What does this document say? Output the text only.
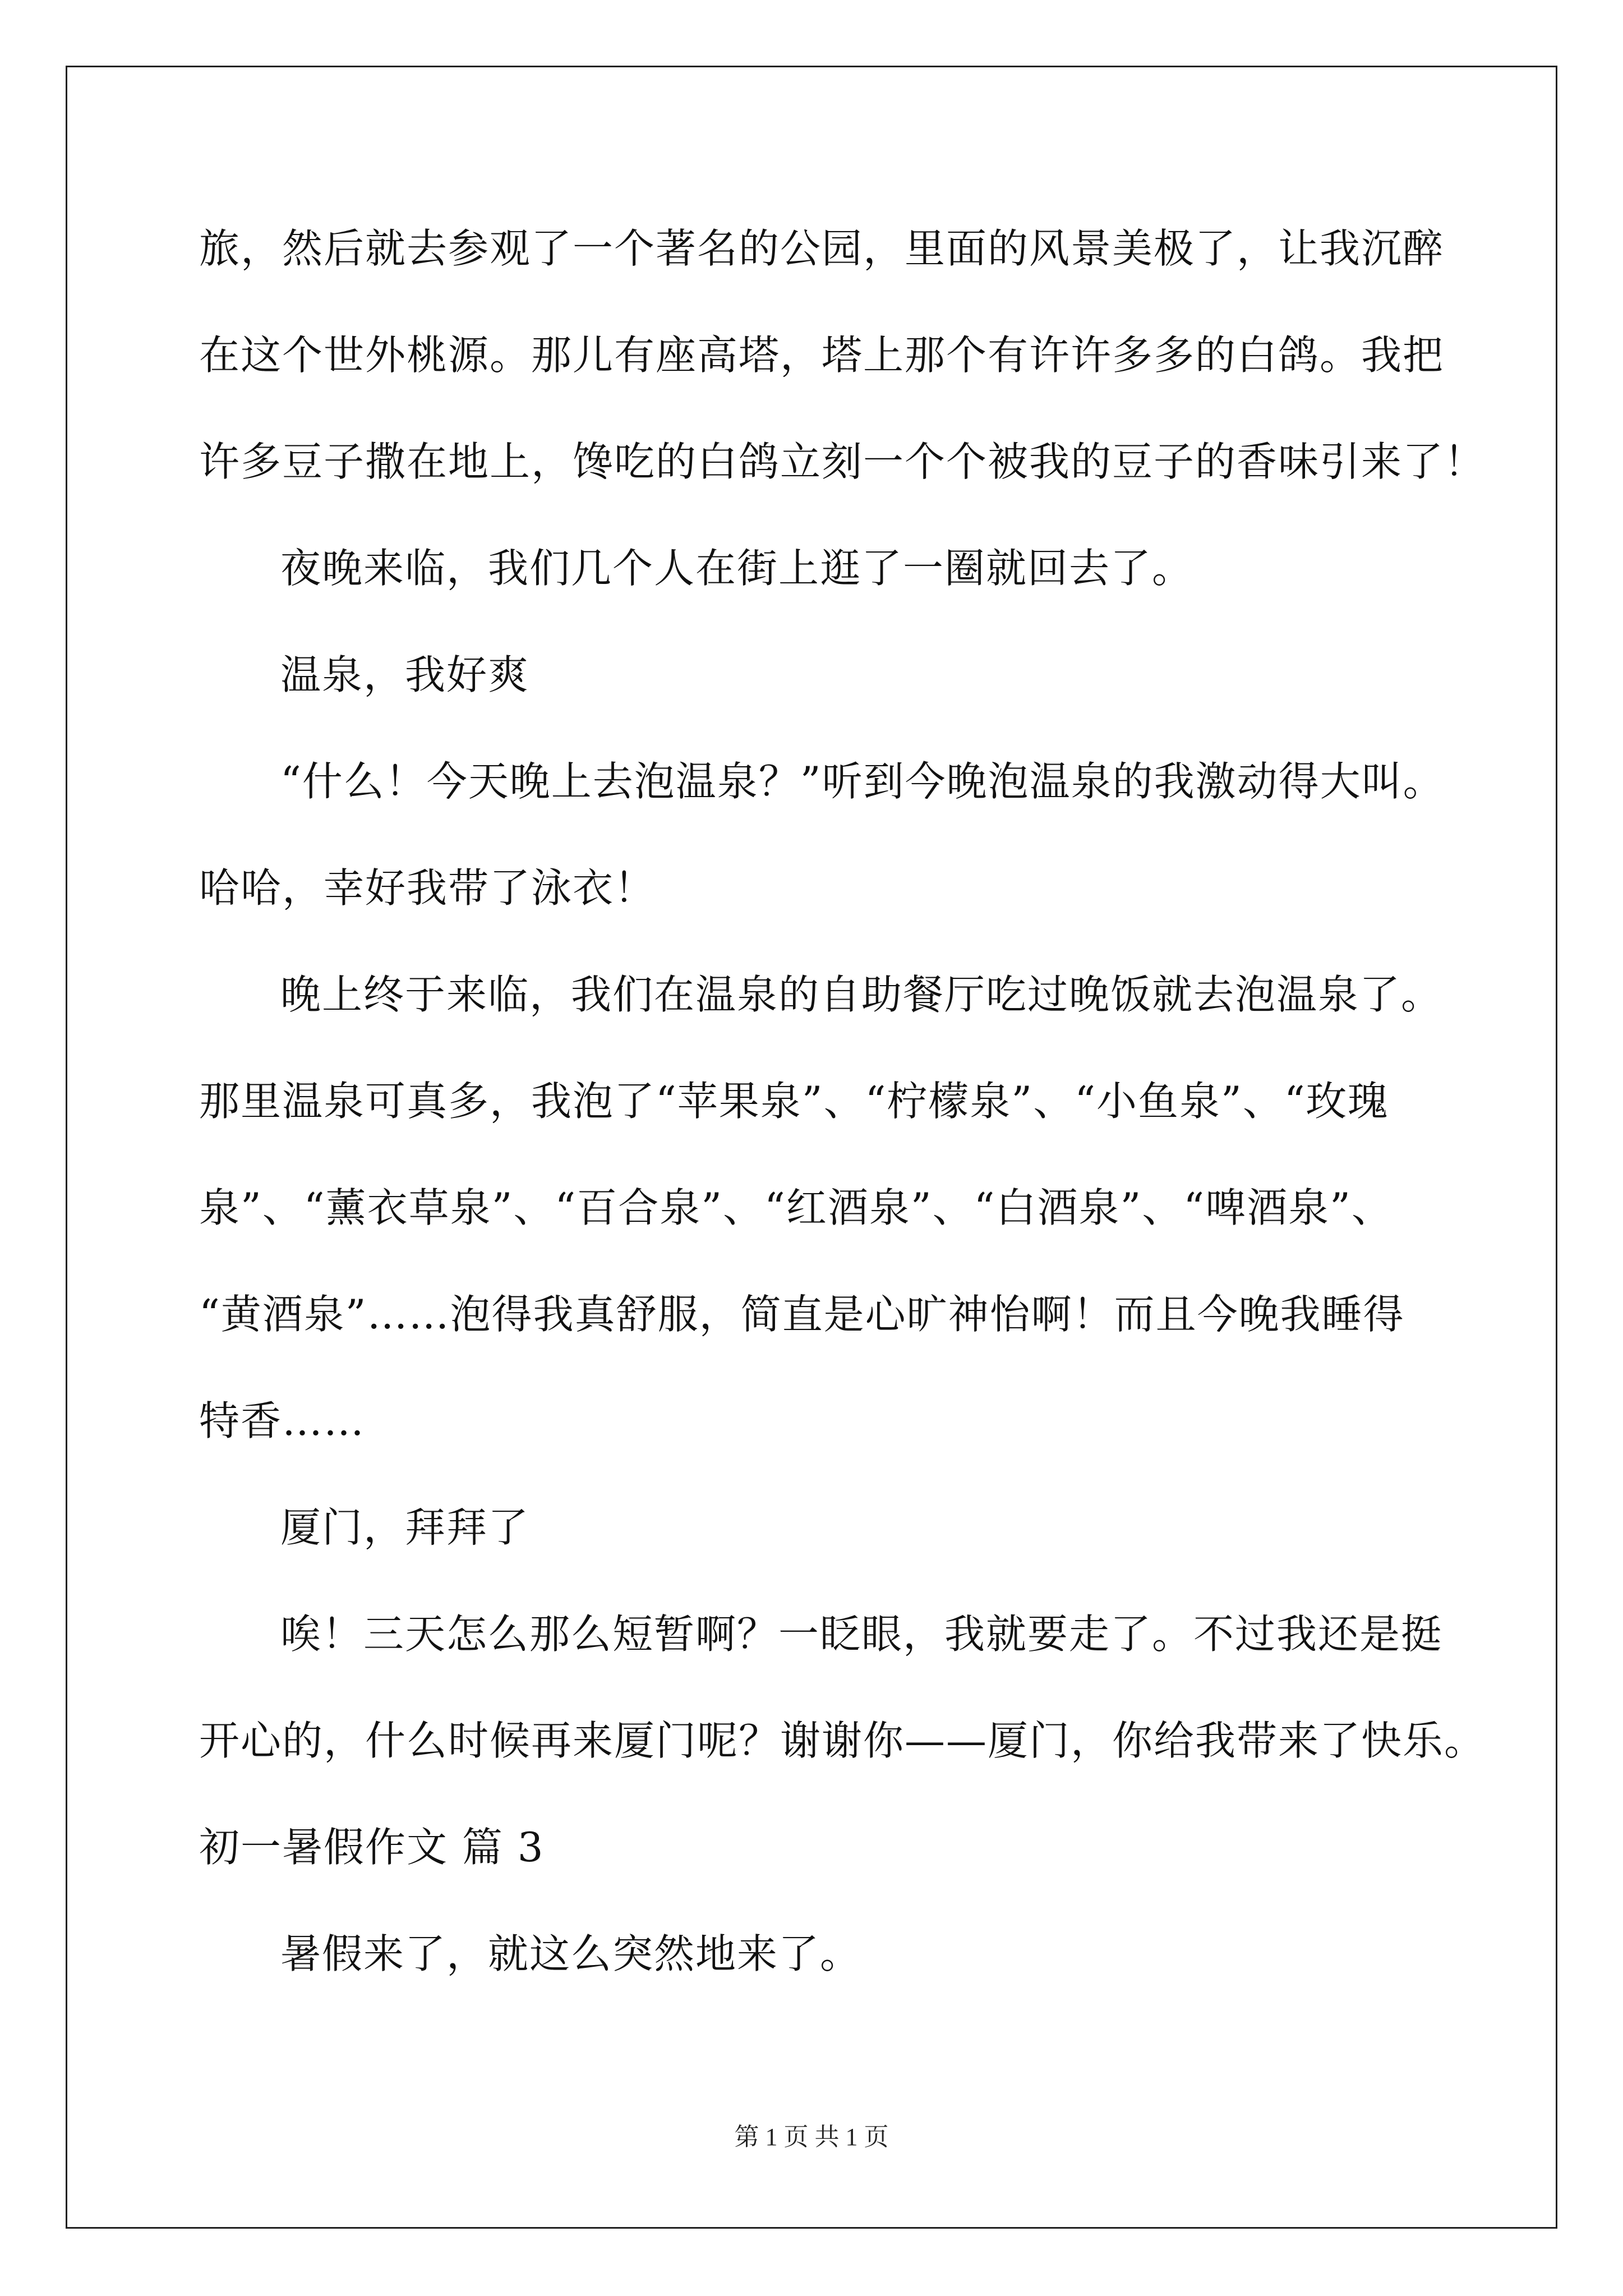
旅，然后就去参观了一个著名的公园，里面的风景美极了，让我沉醉
在这个世外桃源。那儿有座高塔，塔上那个有许许多多的白鸽。我把
许多豆子撒在地上，馋吃的白鸽立刻一个个被我的豆子的香味引来了！
夜晚来临，我们几个人在街上逛了一圈就回去了。
温泉，我好爽
“什么！今天晚上去泡温泉？”听到今晚泡温泉的我激动得大叫。
哈哈，幸好我带了泳衣！
晚上终于来临，我们在温泉的自助餐厅吃过晚饭就去泡温泉了。
那里温泉可真多，我泡了“苹果泉”、“柠檬泉”、“小鱼泉”、“玫瑰
泉”、“薰衣草泉”、“百合泉”、“红酒泉”、“白酒泉”、“啤酒泉”、
“黄酒泉”……泡得我真舒服，简直是心旷神怡啊！而且今晚我睡得
特香……
厦门，拜拜了
唉！三天怎么那么短暂啊？一眨眼，我就要走了。不过我还是挺
开心的，什么时候再来厦门呢？谢谢你——厦门，你给我带来了快乐。
初一暑假作文 篇 3
暑假来了，就这么突然地来了。
第 1 页 共 1 页
